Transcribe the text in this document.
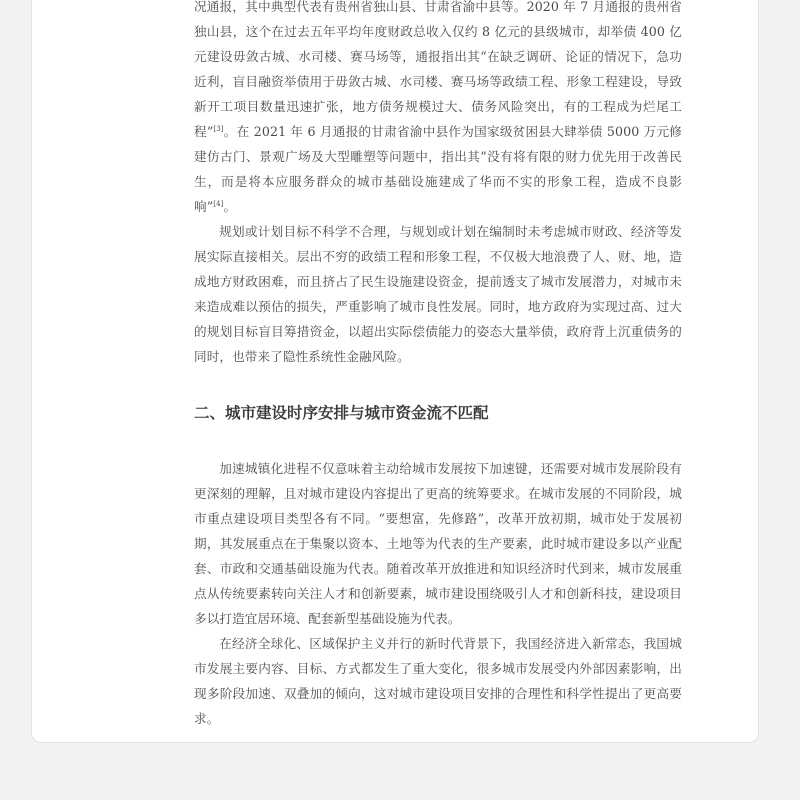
况通报，其中典型代表有贵州省独山县、甘肃省渝中县等。2020 年 7 月通报的贵州省独山县，这个在过去五年平均年度财政总收入仅约 8 亿元的县级城市，却举债 400 亿元建设毋敛古城、水司楼、赛马场等，通报指出其“在缺乏调研、论证的情况下，急功近利，盲目融资举债用于毋敛古城、水司楼、赛马场等政绩工程、形象工程建设，导致新开工项目数量迅速扩张，地方债务规模过大、债务风险突出，有的工程成为烂尾工程”[3]。在 2021 年 6 月通报的甘肃省渝中县作为国家级贫困县大肆举债 5000 万元修建仿古门、景观广场及大型雕塑等问题中，指出其“没有将有限的财力优先用于改善民生，而是将本应服务群众的城市基础设施建成了华而不实的形象工程，造成不良影响”[4]。

规划或计划目标不科学不合理，与规划或计划在编制时未考虑城市财政、经济等发展实际直接相关。层出不穷的政绩工程和形象工程，不仅极大地浪费了人、财、地，造成地方财政困难，而且挤占了民生设施建设资金，提前透支了城市发展潜力，对城市未来造成难以预估的损失，严重影响了城市良性发展。同时，地方政府为实现过高、过大的规划目标盲目筹措资金，以超出实际偿债能力的姿态大量举债，政府背上沉重债务的同时，也带来了隐性系统性金融风险。

二、城市建设时序安排与城市资金流不匹配

加速城镇化进程不仅意味着主动给城市发展按下加速键，还需要对城市发展阶段有更深刻的理解，且对城市建设内容提出了更高的统筹要求。在城市发展的不同阶段，城市重点建设项目类型各有不同。“要想富，先修路”，改革开放初期，城市处于发展初期，其发展重点在于集聚以资本、土地等为代表的生产要素，此时城市建设多以产业配套、市政和交通基础设施为代表。随着改革开放推进和知识经济时代到来，城市发展重点从传统要素转向关注人才和创新要素，城市建设围绕吸引人才和创新科技，建设项目多以打造宜居环境、配套新型基础设施为代表。

在经济全球化、区域保护主义并行的新时代背景下，我国经济进入新常态，我国城市发展主要内容、目标、方式都发生了重大变化，很多城市发展受内外部因素影响，出现多阶段加速、双叠加的倾向，这对城市建设项目安排的合理性和科学性提出了更高要求。
